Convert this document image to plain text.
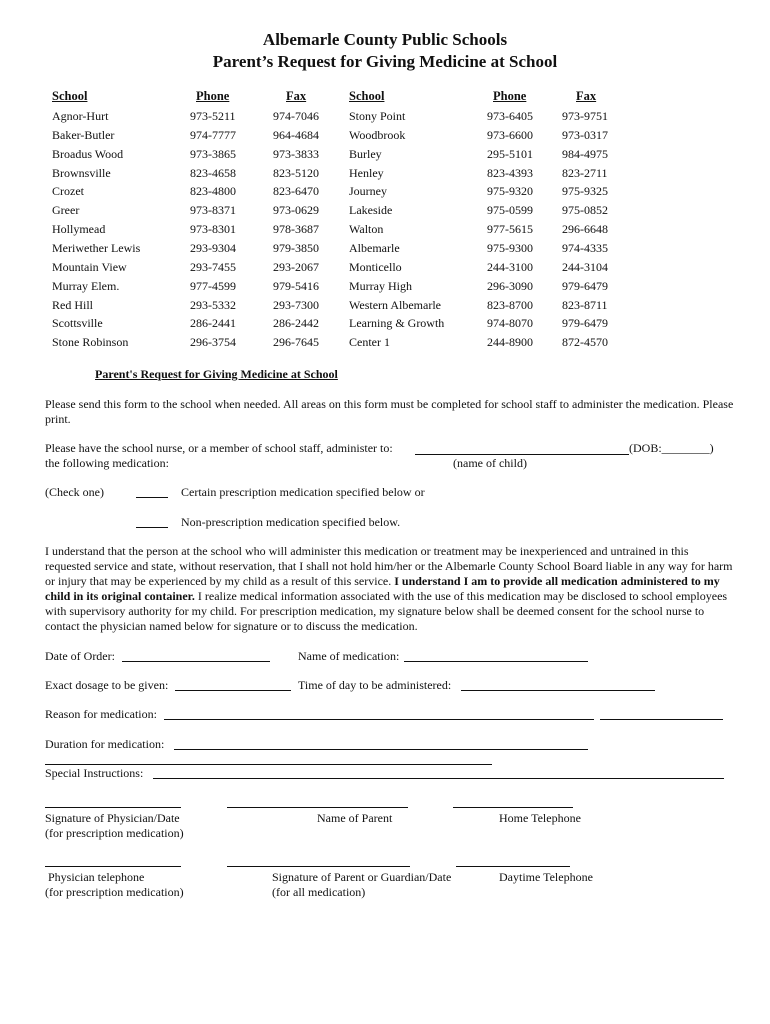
Albemarle County Public Schools
Parent’s Request for Giving Medicine at School
School	Phone	Fax	School	Phone	Fax
Agnor-Hurt	973-5211	974-7046
Baker-Butler	974-7777	964-4684
Broadus Wood	973-3865	973-3833
Brownsville	823-4658	823-5120
Crozet	823-4800	823-6470
Greer	973-8371	973-0629
Hollymead	973-8301	978-3687
Meriwether Lewis	293-9304	979-3850
Mountain View	293-7455	293-2067
Murray Elem.	977-4599	979-5416
Red Hill	293-5332	293-7300
Scottsville	286-2441	286-2442
Stone Robinson	296-3754	296-7645
Stony Point	973-6405 973-9751
Woodbrook	973-6600 973-0317
Burley	295-5101 984-4975
Henley	823-4393 823-2711
Journey	975-9320 975-9325
Lakeside	975-0599 975-0852
Walton	977-5615 296-6648
Albemarle	975-9300 974-4335
Monticello	244-3100 244-3104
Murray High	296-3090 979-6479
Western Albemarle	823-8700 823-8711
Learning & Growth	974-8070 979-6479
Center 1	244-8900 872-4570
Parent's Request for Giving Medicine at School
Please send this form to the school when needed. All areas on this form must be completed for school staff to administer the medication. Please print.
Please have the school nurse, or a member of school staff, administer to:	(DOB:________)
the following medication:	(name of child)
(Check one)	Certain prescription medication specified below or
Non-prescription medication specified below.
I understand that the person at the school who will administer this medication or treatment may be inexperienced and untrained in this requested service and state, without reservation, that I shall not hold him/her or the Albemarle County School Board liable in any way for harm or injury that may be experienced by my child as a result of this service. I understand I am to provide all medication administered to my child in its original container. I realize medical information associated with the use of this medication may be disclosed to school employees with supervisory authority for my child. For prescription medication, my signature below shall be deemed consent for the school nurse to contact the physician named below for signature or to discuss the medication.
Date of Order:	Name of medication:
Exact dosage to be given:	Time of day to be administered:
Reason for medication:
Duration for medication:
Special Instructions:
Signature of Physician/Date
(for prescription medication)
Name of Parent	Home Telephone
Physician telephone
(for prescription medication)
Signature of Parent or Guardian/Date
(for all medication)
Daytime Telephone
